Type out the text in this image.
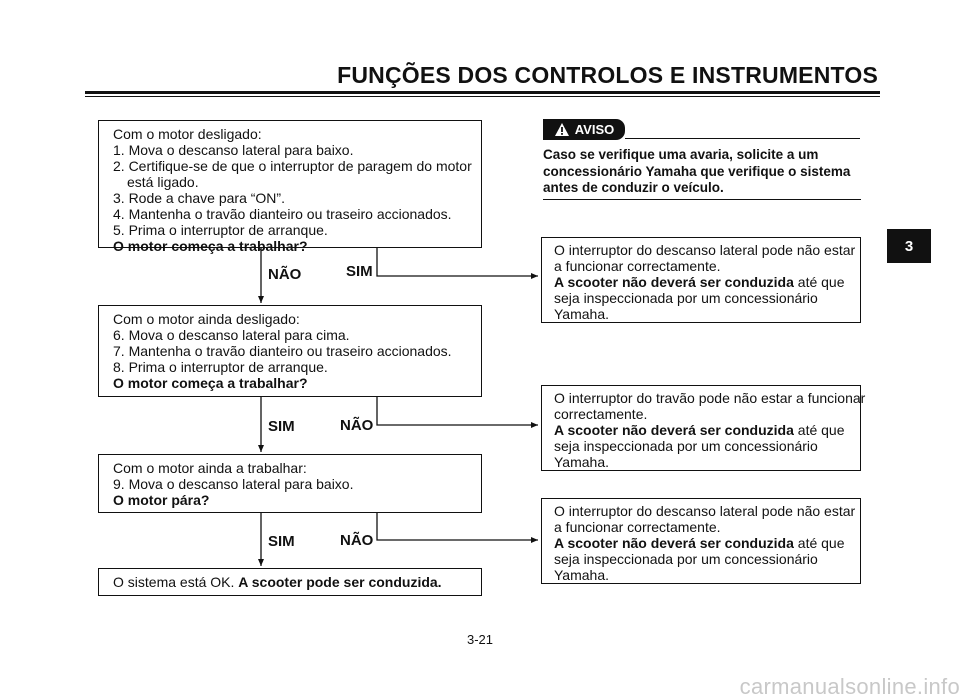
FUNÇÕES DOS CONTROLOS E INSTRUMENTOS
3
Com o motor desligado:
1. Mova o descanso lateral para baixo.
2. Certifique-se de que o interruptor de paragem do motor
está ligado.
3. Rode a chave para “ON”.
4. Mantenha o travão dianteiro ou traseiro accionados.
5. Prima o interruptor de arranque.
O motor começa a trabalhar?
NÃO	SIM
Com o motor ainda desligado:
6. Mova o descanso lateral para cima.
7. Mantenha o travão dianteiro ou traseiro accionados.
8. Prima o interruptor de arranque.
O motor começa a trabalhar?
SIM	NÃO
Com o motor ainda a trabalhar:
9. Mova o descanso lateral para baixo.
O motor pára?
SIM	NÃO
O sistema está OK. A scooter pode ser conduzida.
AVISO
Caso se verifique uma avaria, solicite a um concessionário Yamaha que verifique o sistema antes de conduzir o veículo.
O interruptor do descanso lateral pode não estar
a funcionar correctamente.
A scooter não deverá ser conduzida até que
seja inspeccionada por um concessionário
Yamaha.
O interruptor do travão pode não estar a funcionar
correctamente.
A scooter não deverá ser conduzida até que
seja inspeccionada por um concessionário
Yamaha.
O interruptor do descanso lateral pode não estar
a funcionar correctamente.
A scooter não deverá ser conduzida até que
seja inspeccionada por um concessionário
Yamaha.
3-21
carmanualsonline.info
